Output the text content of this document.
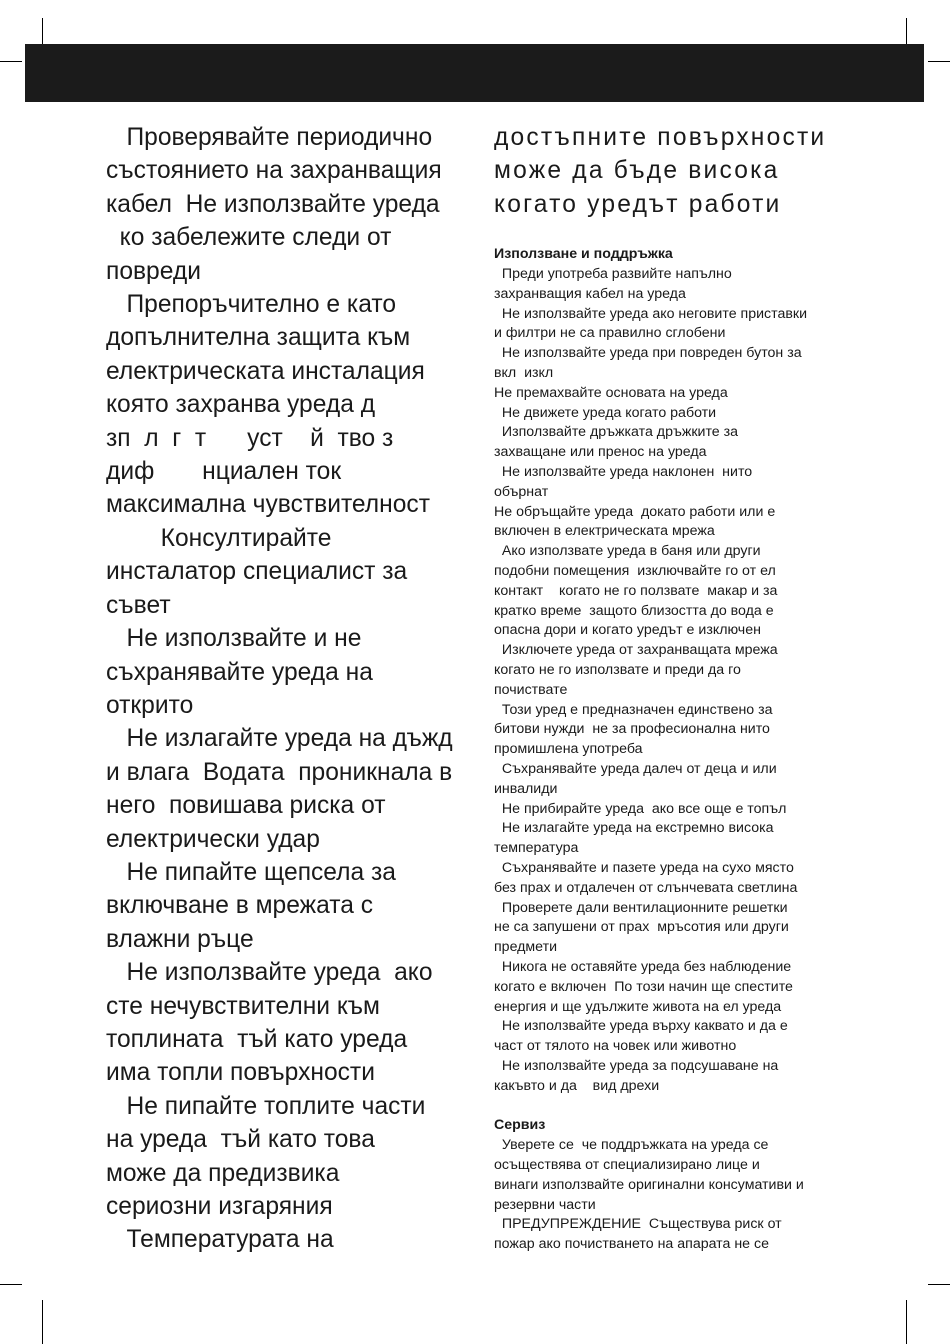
Проверявайте периодично

състоянието на захранващия

кабел  Не използвайте уреда

ко забележите следи от

повреди

Препоръчително е като

допълнителна защита към

електрическата инсталация

която захранва уреда д

зп  л  г  т      уст    й  тво з

диф       нциален ток

максимална чувствителност

Консултирайте

инсталатор специалист за

съвет

Не използвайте и не

съхранявайте уреда на

открито

Не излагайте уреда на дъжд

и влага  Водата  проникнала в

него  повишава риска от

електрически удар

Не пипайте щепсела за

включване в мрежата с

влажни ръце

Не използвайте уреда  ако

сте нечувствителни към

топлината  тъй като уреда

има топли повърхности

Не пипайте топлите части

на уреда  тъй като това

може да предизвика

сериозни изгаряния

Температурата на

достъпните повърхности

може да бъде висока

когато уредът работи

Използване и поддръжка

Преди употреба развийте напълно

захранващия кабел на уреда

Не използвайте уреда ако неговите приставки

и филтри не са правилно сглобени

Не използвайте уреда при повреден бутон за

вкл  изкл

Не премахвайте основата на уреда

Не движете уреда когато работи

Използвайте дръжката дръжките за

захващане или пренос на уреда

Не използвайте уреда наклонен  нито

обърнат

Не обръщайте уреда  докато работи или е

включен в електрическата мрежа

Ако използвате уреда в баня или други

подобни помещения  изключвайте го от ел

контакт    когато не го ползвате  макар и за

кратко време  защото близостта до вода е

опасна дори и когато уредът е изключен

Изключете уреда от захранващата мрежа

когато не го използвате и преди да го

почиствате

Този уред е предназначен единствено за

битови нужди  не за професионална нито

промишлена употреба

Съхранявайте уреда далеч от деца и или

инвалиди

Не прибирайте уреда  ако все още е топъл

Не излагайте уреда на екстремно висока

температура

Съхранявайте и пазете уреда на сухо място

без прах и отдалечен от слънчевата светлина

Проверете дали вентилационните решетки

не са запушени от прах  мръсотия или други

предмети

Никога не оставяйте уреда без наблюдение

когато е включен  По този начин ще спестите

енергия и ще удължите живота на ел уреда

Не използвайте уреда върху каквато и да е

част от тялото на човек или животно

Не използвайте уреда за подсушаване на

какъвто и да    вид дрехи

Сервиз

Уверете се  че поддръжката на уреда се

осъществява от специализирано лице и

винаги използвайте оригинални консумативи и

резервни части

ПРЕДУПРЕЖДЕНИЕ  Съществува риск от

пожар ако почистването на апарата не се
